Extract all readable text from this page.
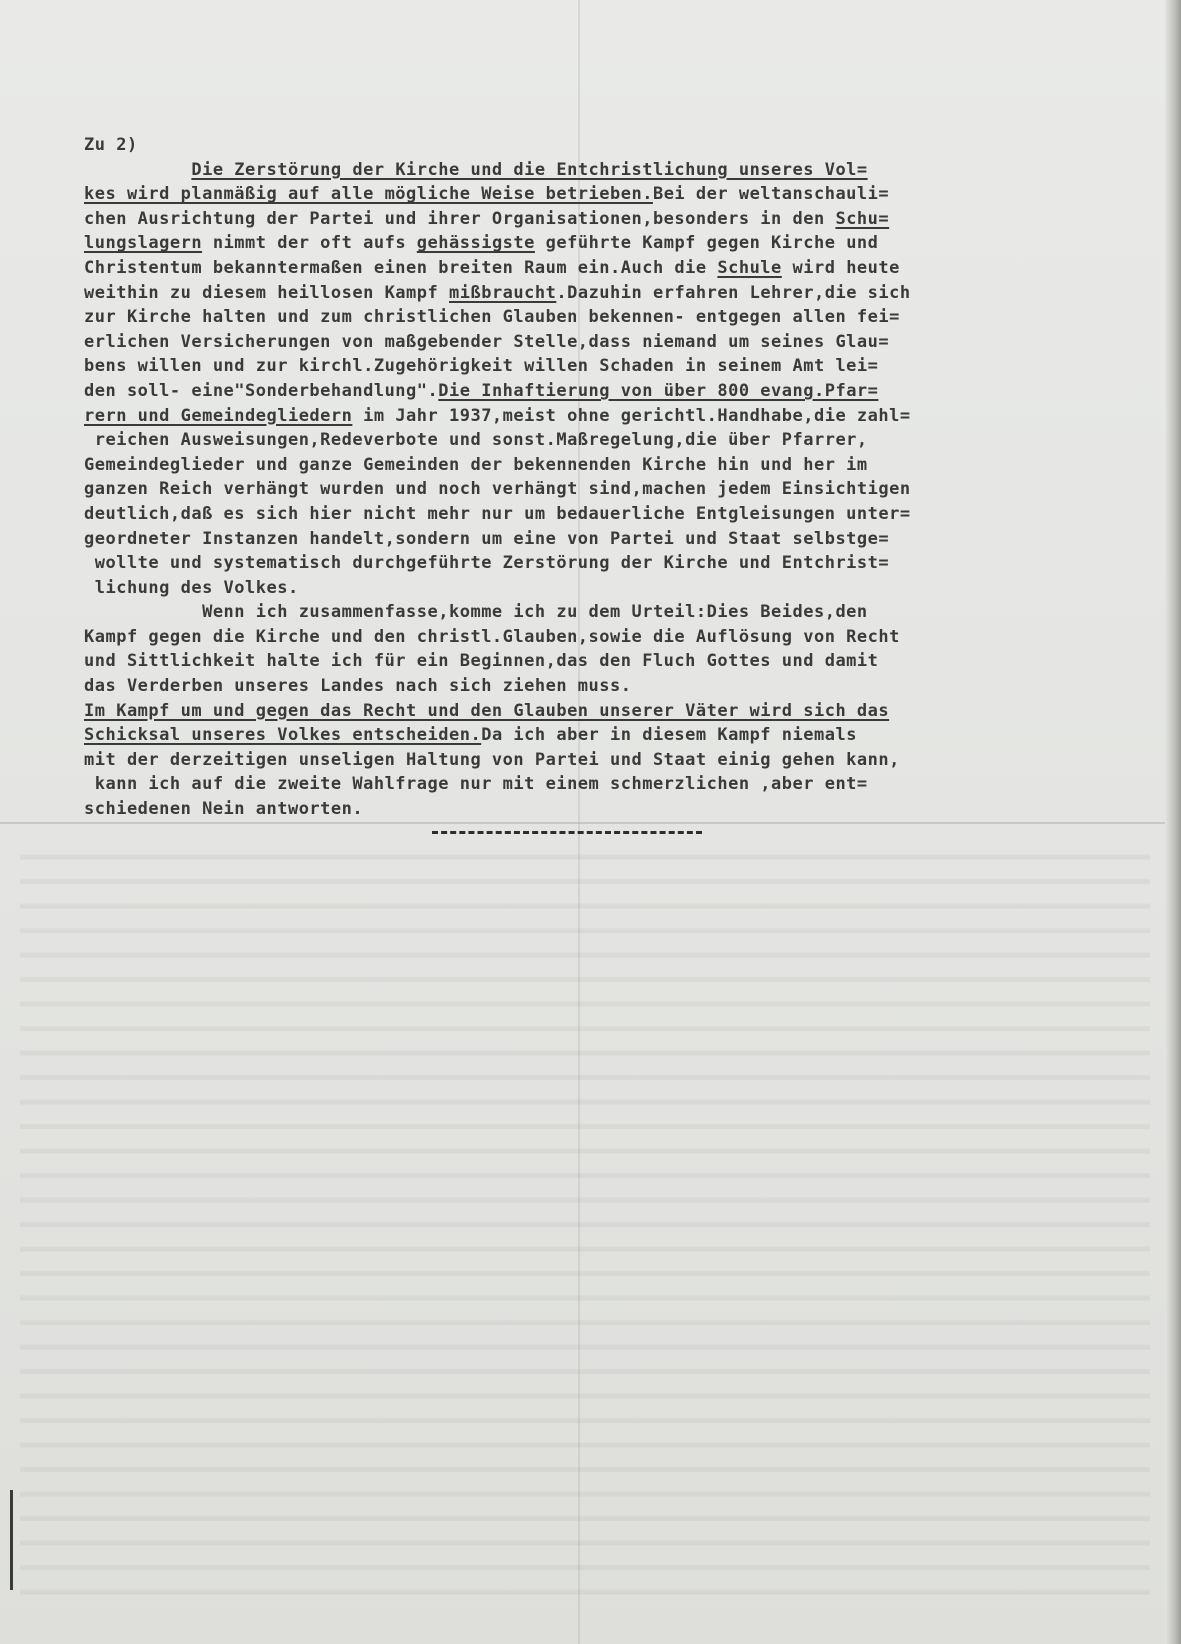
Zu 2)
Die Zerstörung der Kirche und die Entchristlichung unseres Vol=
kes wird planmäßig auf alle mögliche Weise betrieben.Bei der weltanschauli=
chen Ausrichtung der Partei und ihrer Organisationen,besonders in den Schu=
lungslagern nimmt der oft aufs gehässigste geführte Kampf gegen Kirche und
Christentum bekanntermaßen einen breiten Raum ein.Auch die Schule wird heute
weithin zu diesem heillosen Kampf mißbraucht.Dazuhin erfahren Lehrer,die sich
zur Kirche halten und zum christlichen Glauben bekennen- entgegen allen fei=
erlichen Versicherungen von maßgebender Stelle,dass niemand um seines Glau=
bens willen und zur kirchl.Zugehörigkeit willen Schaden in seinem Amt lei=
den soll- eine"Sonderbehandlung".Die Inhaftierung von über 800 evang.Pfar=
rern und Gemeindegliedern im Jahr 1937,meist ohne gerichtl.Handhabe,die zahl=
reichen Ausweisungen,Redeverbote und sonst.Maßregelung,die über Pfarrer,
Gemeindeglieder und ganze Gemeinden der bekennenden Kirche hin und her im
ganzen Reich verhängt wurden und noch verhängt sind,machen jedem Einsichtigen
deutlich,daß es sich hier nicht mehr nur um bedauerliche Entgleisungen unter=
geordneter Instanzen handelt,sondern um eine von Partei und Staat selbstge=
wollte und systematisch durchgeführte Zerstörung der Kirche und Entchrist=
lichung des Volkes.
Wenn ich zusammenfasse,komme ich zu dem Urteil:Dies Beides,den
Kampf gegen die Kirche und den christl.Glauben,sowie die Auflösung von Recht
und Sittlichkeit halte ich für ein Beginnen,das den Fluch Gottes und damit
das Verderben unseres Landes nach sich ziehen muss.
Im Kampf um und gegen das Recht und den Glauben unserer Väter wird sich das
Schicksal unseres Volkes entscheiden.Da ich aber in diesem Kampf niemals
mit der derzeitigen unseligen Haltung von Partei und Staat einig gehen kann,
kann ich auf die zweite Wahlfrage nur mit einem schmerzlichen ,aber ent=
schiedenen Nein antworten.
